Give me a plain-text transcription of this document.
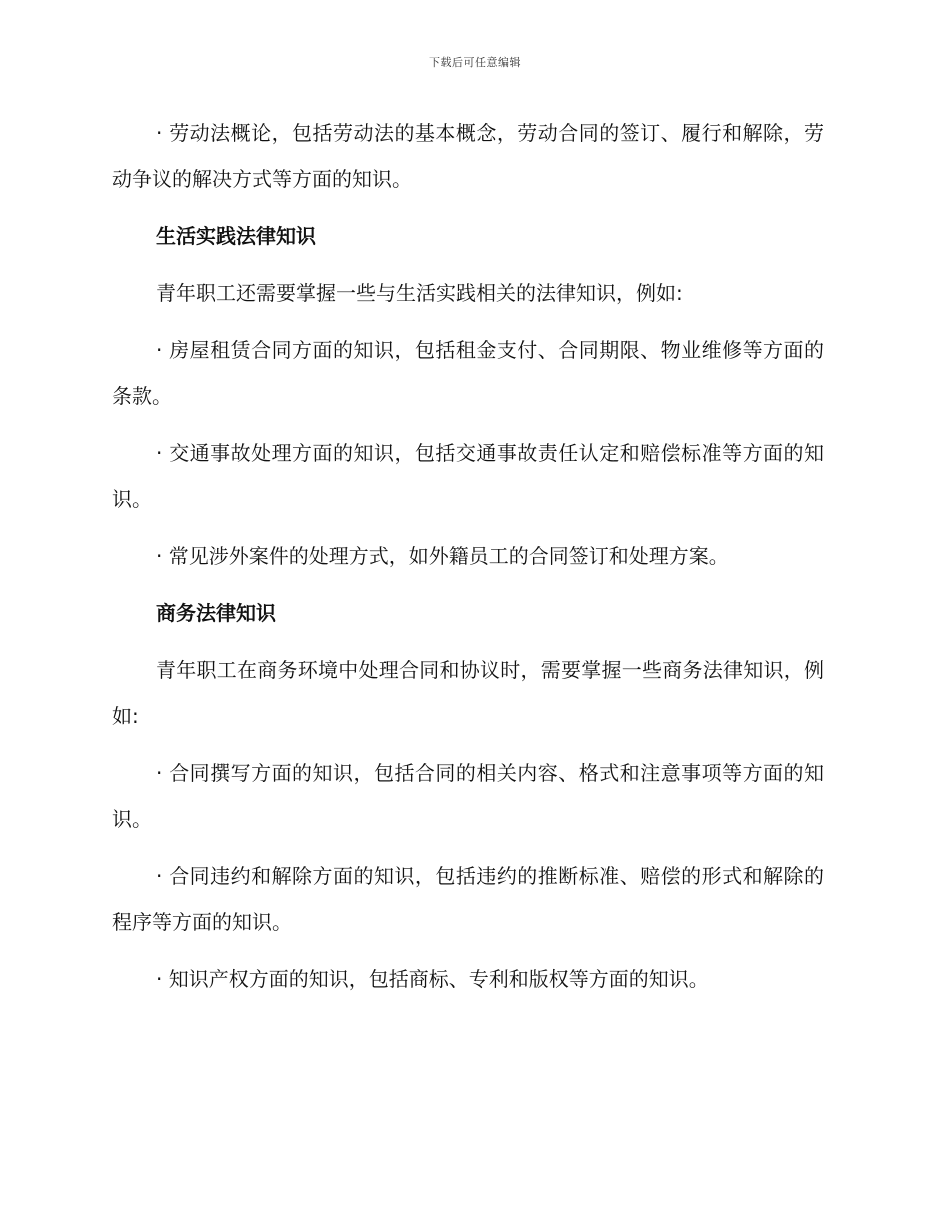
下载后可任意编辑

· 劳动法概论，包括劳动法的基本概念，劳动合同的签订、履行和解除，劳动争议的解决方式等方面的知识。

生活实践法律知识

青年职工还需要掌握一些与生活实践相关的法律知识，例如:

· 房屋租赁合同方面的知识，包括租金支付、合同期限、物业维修等方面的条款。

· 交通事故处理方面的知识，包括交通事故责任认定和赔偿标准等方面的知识。

· 常见涉外案件的处理方式，如外籍员工的合同签订和处理方案。

商务法律知识

青年职工在商务环境中处理合同和协议时，需要掌握一些商务法律知识，例如:

· 合同撰写方面的知识，包括合同的相关内容、格式和注意事项等方面的知识。

· 合同违约和解除方面的知识，包括违约的推断标准、赔偿的形式和解除的程序等方面的知识。

· 知识产权方面的知识，包括商标、专利和版权等方面的知识。
